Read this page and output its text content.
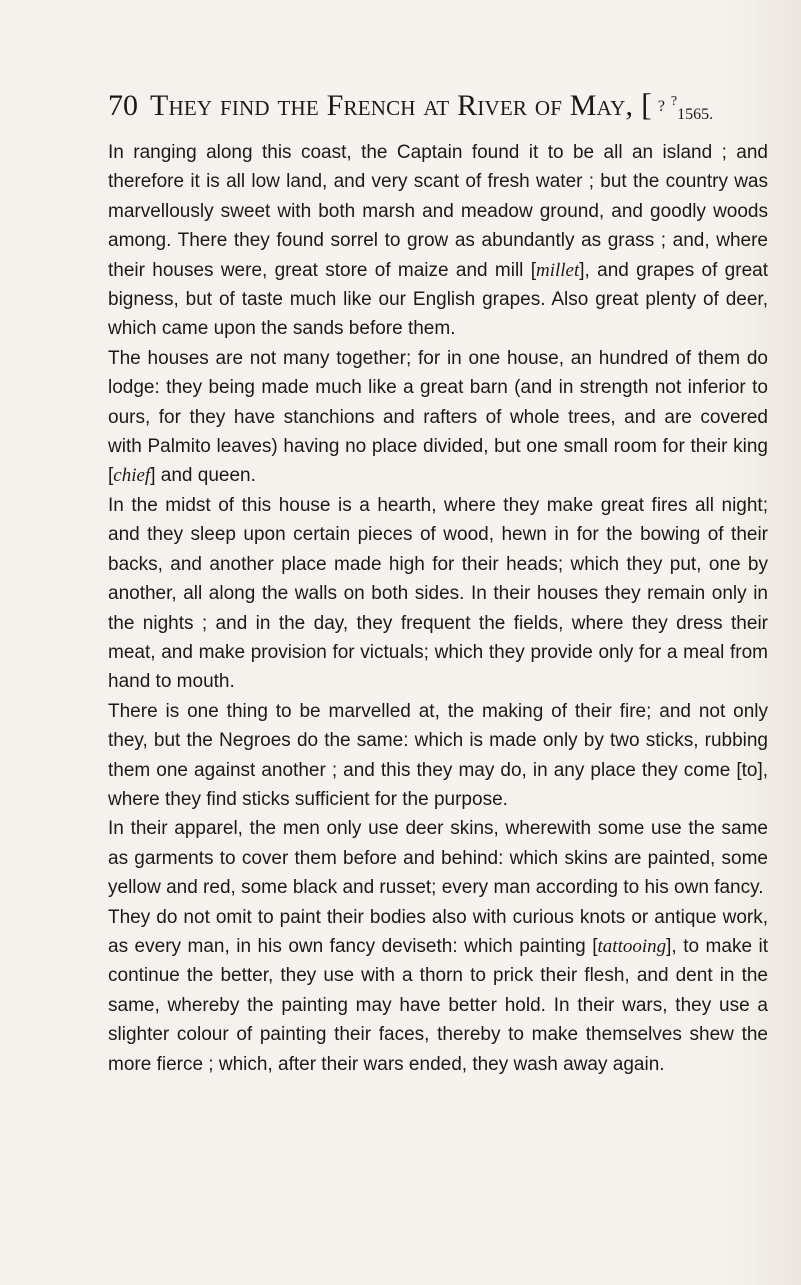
70 They find the French at River of May, [ ? ?1565.

In ranging along this coast, the Captain found it to be all an island ; and therefore it is all low land, and very scant of fresh water ; but the country was marvellously sweet with both marsh and meadow ground, and goodly woods among. There they found sorrel to grow as abundantly as grass ; and, where their houses were, great store of maize and mill [millet], and grapes of great bigness, but of taste much like our English grapes. Also great plenty of deer, which came upon the sands before them.

The houses are not many together; for in one house, an hundred of them do lodge: they being made much like a great barn (and in strength not inferior to ours, for they have stanchions and rafters of whole trees, and are covered with Palmito leaves) having no place divided, but one small room for their king [chief] and queen.

In the midst of this house is a hearth, where they make great fires all night; and they sleep upon certain pieces of wood, hewn in for the bowing of their backs, and another place made high for their heads; which they put, one by another, all along the walls on both sides. In their houses they remain only in the nights ; and in the day, they frequent the fields, where they dress their meat, and make provision for victuals; which they provide only for a meal from hand to mouth.

There is one thing to be marvelled at, the making of their fire; and not only they, but the Negroes do the same: which is made only by two sticks, rubbing them one against another ; and this they may do, in any place they come [to], where they find sticks sufficient for the purpose.

In their apparel, the men only use deer skins, wherewith some use the same as garments to cover them before and behind: which skins are painted, some yellow and red, some black and russet; every man according to his own fancy.

They do not omit to paint their bodies also with curious knots or antique work, as every man, in his own fancy deviseth: which painting [tattooing], to make it continue the better, they use with a thorn to prick their flesh, and dent in the same, whereby the painting may have better hold. In their wars, they use a slighter colour of painting their faces, thereby to make themselves shew the more fierce ; which, after their wars ended, they wash away again.
